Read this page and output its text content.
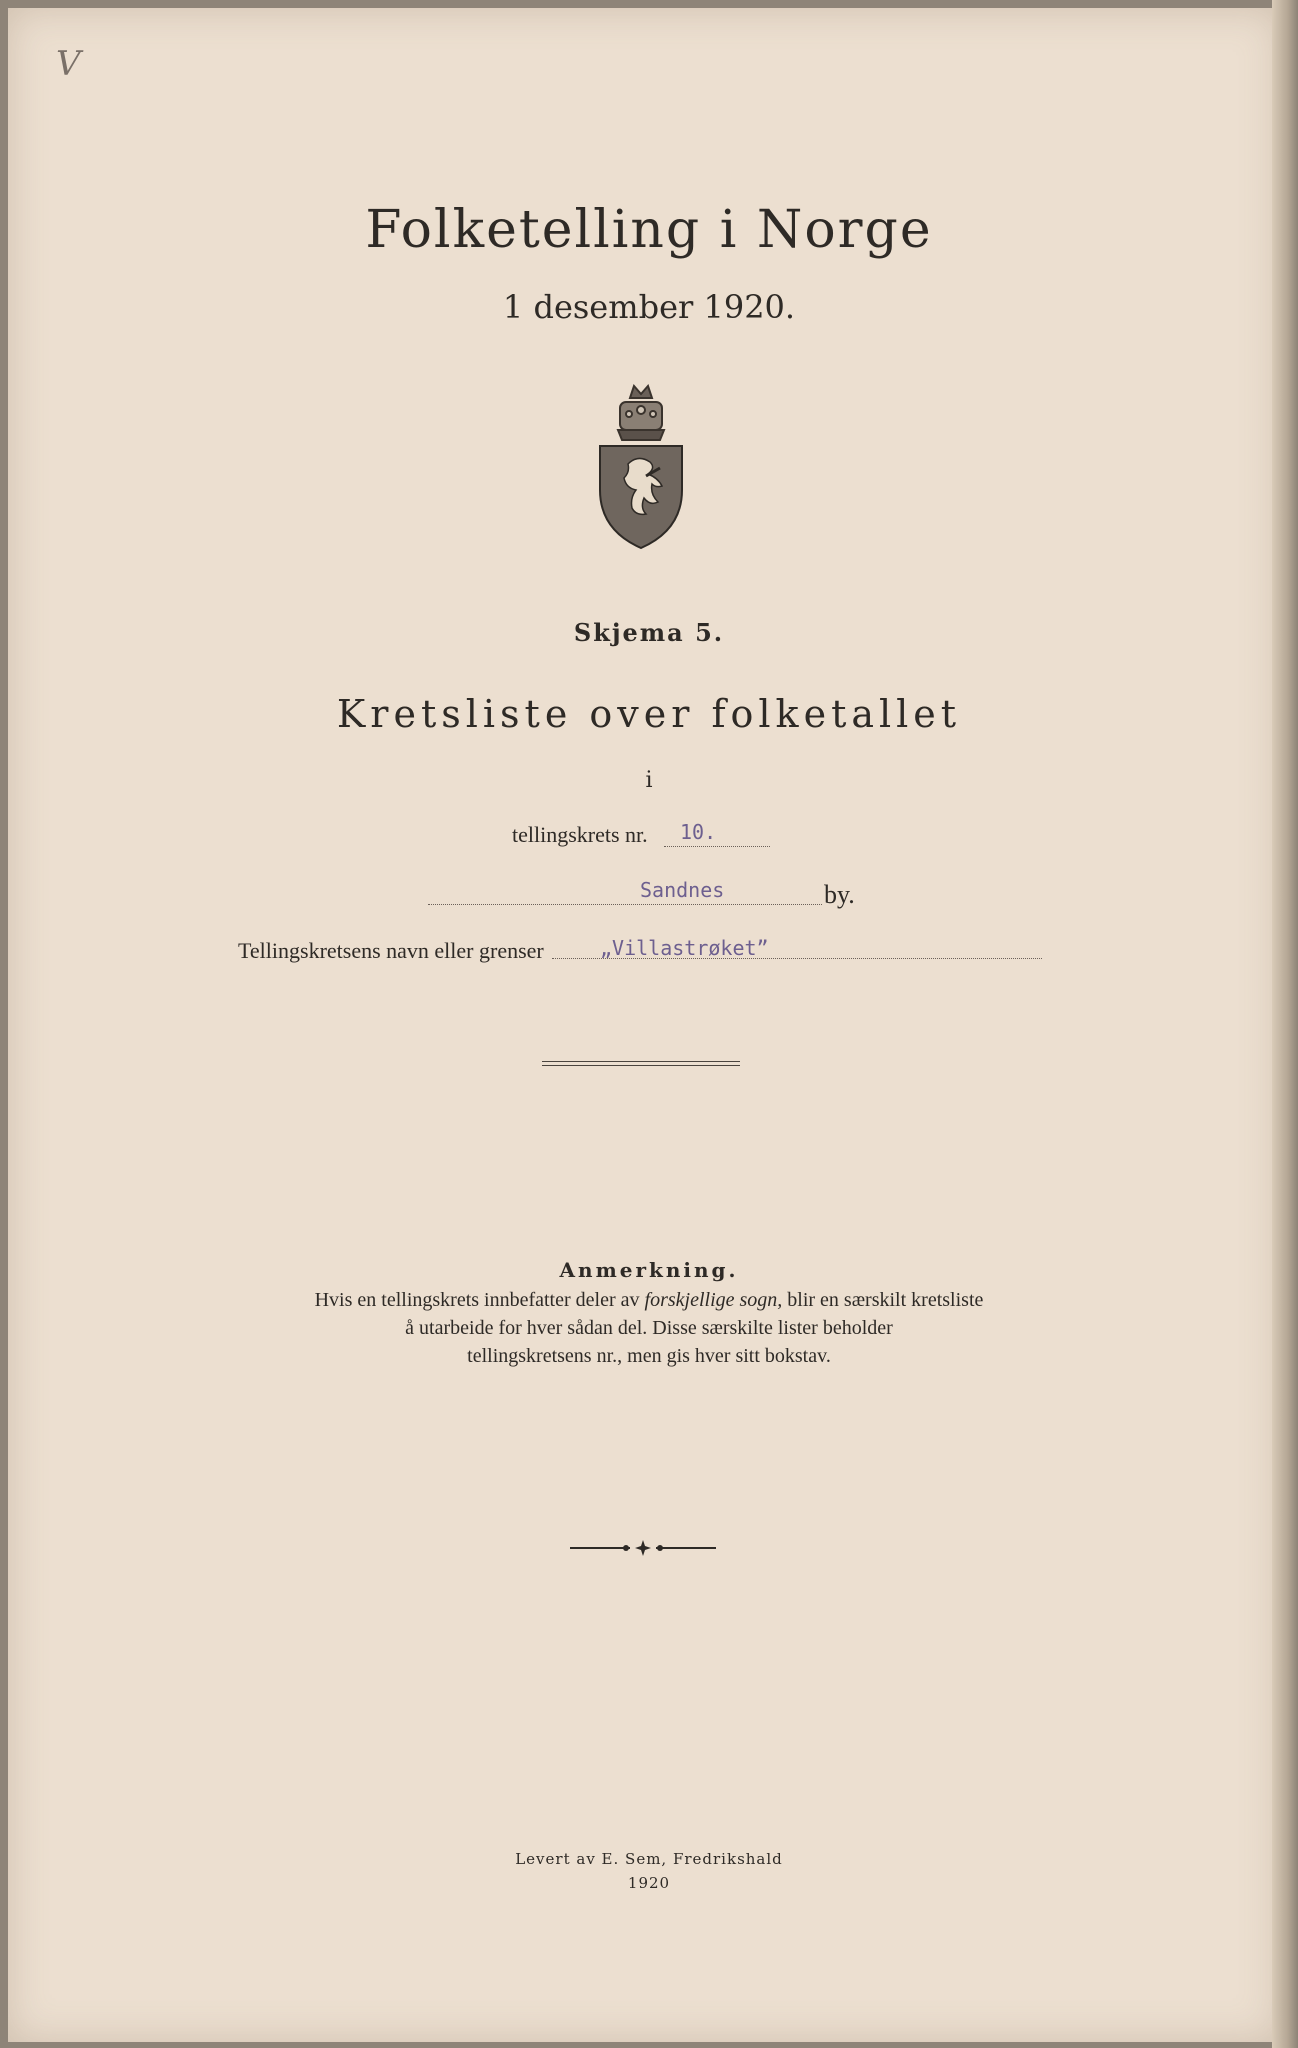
V
Folketelling i Norge
1 desember 1920.
Skjema 5.
Kretsliste over folketallet
i
tellingskrets nr. 10.
Sandnes	by.
Tellingskretsens navn eller grenser	„Villastrøket”
Anmerkning.
Hvis en tellingskrets innbefatter deler av forskjellige sogn, blir en særskilt kretsliste
å utarbeide for hver sådan del. Disse særskilte lister beholder
tellingskretsens nr., men gis hver sitt bokstav.
Levert av E. Sem, Fredrikshald
1920
